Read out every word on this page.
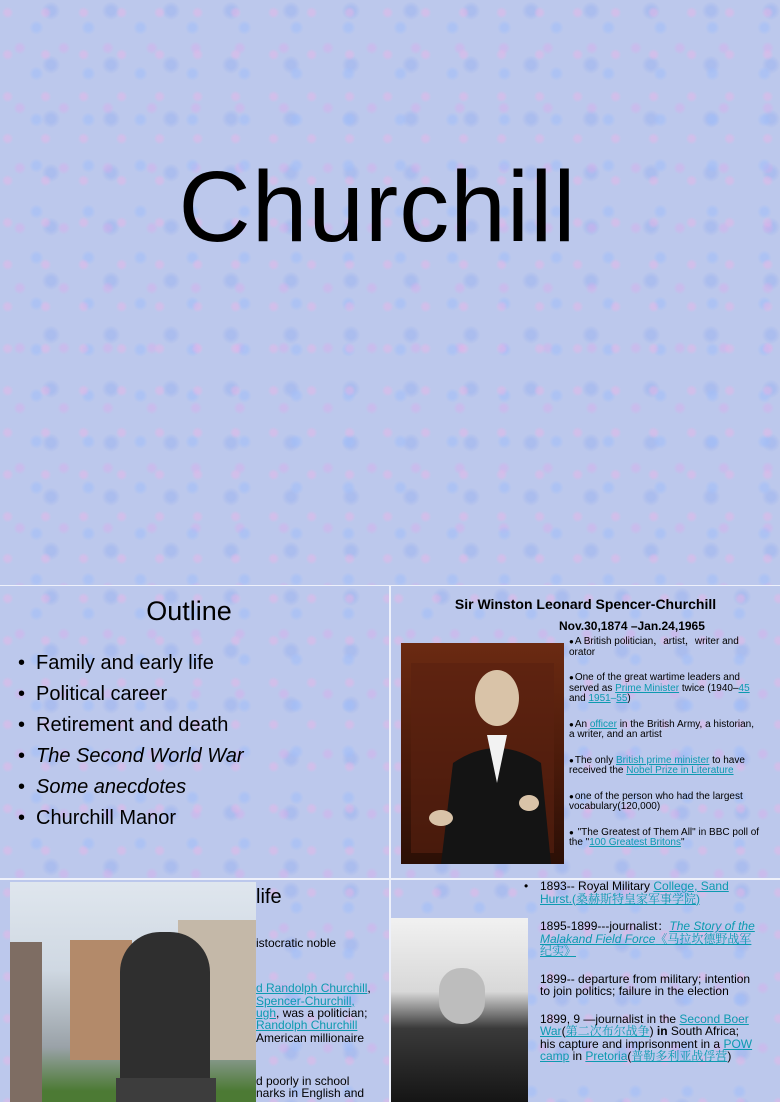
Churchill
Outline
• Family and early life
• Political career
• Retirement and death
• The Second World War
• Some anecdotes
• Churchill Manor
Sir Winston Leonard Spencer-Churchill
Nov.30,1874 –Jan.24,1965
● A British politician，artist，writer and orator
● One of the great wartime leaders and served as Prime Minister twice (1940–45 and 1951–55)
● An officer in the British Army, a historian, a writer, and an artist
● The only British prime minister to have received the Nobel Prize in Literature
● one of the person who had the largest vocabulary(120,000)
● "The Greatest of Them All" in BBC poll of the "100 Greatest Britons"
life
istocratic noble
d Randolph Churchill,
Spencer-Churchill,
ugh, was a politician;
Randolph Churchill
American millionaire
d poorly in school
narks in English and
• 1893-- Royal Military College, Sand Hurst.(桑赫斯特皇家军事学院)
1895-1899---journalist：The Story of the Malakand Field Force《马拉坎德野战军纪实》
1899-- departure from military; intention to join politics; failure in the election
1899, 9 —journalist in the Second Boer War(第二次布尔战争) in South Africa; his capture and imprisonment in a POW camp in Pretoria(普勒多利亚战俘营)
